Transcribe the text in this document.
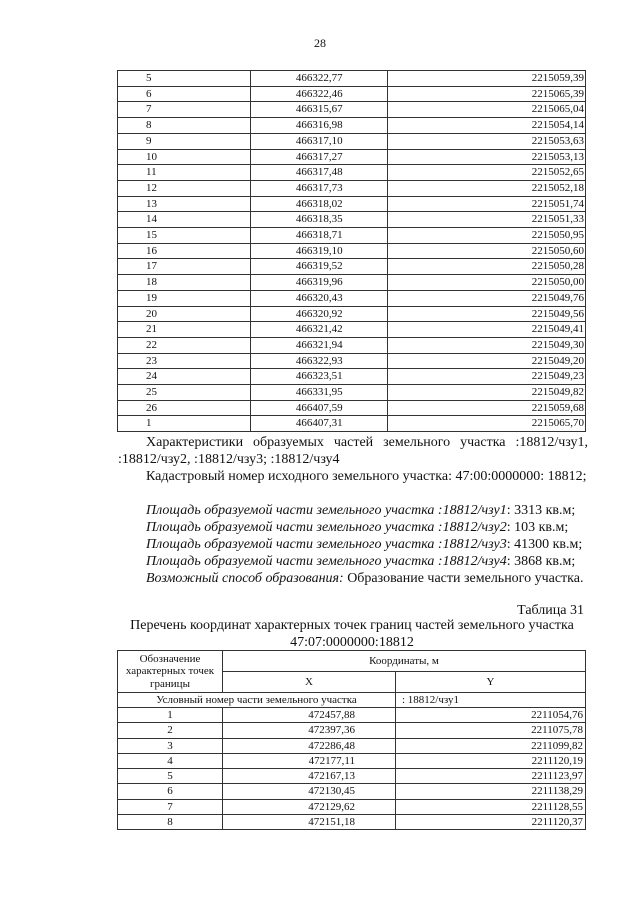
28
5	466322,77	2215059,39
6	466322,46	2215065,39
7	466315,67	2215065,04
8	466316,98	2215054,14
9	466317,10	2215053,63
10	466317,27	2215053,13
11	466317,48	2215052,65
12	466317,73	2215052,18
13	466318,02	2215051,74
14	466318,35	2215051,33
15	466318,71	2215050,95
16	466319,10	2215050,60
17	466319,52	2215050,28
18	466319,96	2215050,00
19	466320,43	2215049,76
20	466320,92	2215049,56
21	466321,42	2215049,41
22	466321,94	2215049,30
23	466322,93	2215049,20
24	466323,51	2215049,23
25	466331,95	2215049,82
26	466407,59	2215059,68
1	466407,31	2215065,70
Характеристики образуемых частей земельного участка :18812/чзу1, :18812/чзу2, :18812/чзу3; :18812/чзу4
Кадастровый номер исходного земельного участка: 47:00:0000000: 18812;
Площадь образуемой части земельного участка :18812/чзу1: 3313 кв.м;
Площадь образуемой части земельного участка :18812/чзу2: 103 кв.м;
Площадь образуемой части земельного участка :18812/чзу3: 41300 кв.м;
Площадь образуемой части земельного участка :18812/чзу4: 3868 кв.м;
Возможный способ образования: Образование части земельного участка.
Таблица 31
Перечень координат характерных точек границ частей земельного участка 47:07:0000000:18812
Обозначение характерных точек границы	Координаты, м	
	X	Y
Условный номер части земельного участка		: 18812/чзу1
1	472457,88	2211054,76
2	472397,36	2211075,78
3	472286,48	2211099,82
4	472177,11	2211120,19
5	472167,13	2211123,97
6	472130,45	2211138,29
7	472129,62	2211128,55
8	472151,18	2211120,37
